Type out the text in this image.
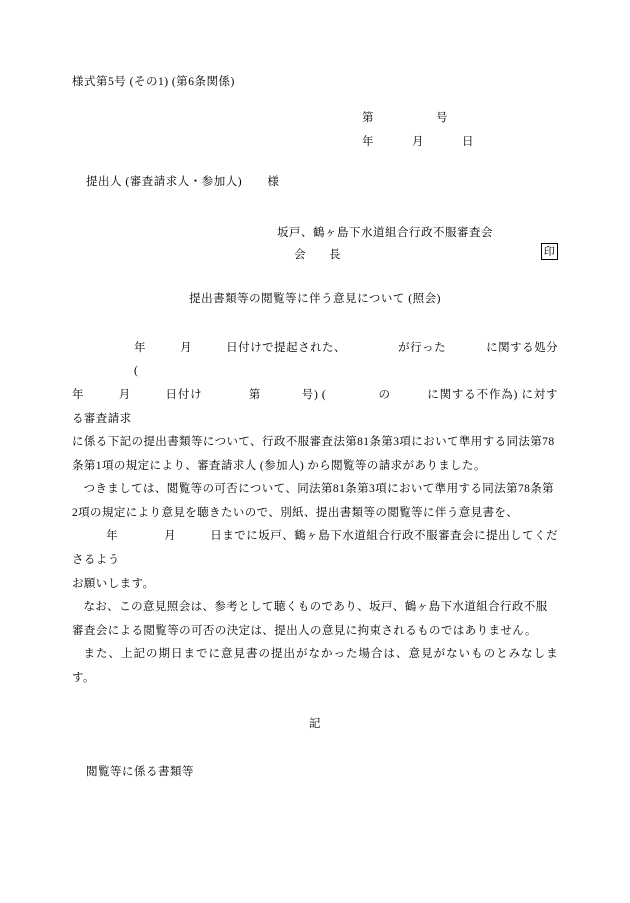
様式第5号 (その1) (第6条関係)
第	号
年	月	日
提出人 (審査請求人・参加人) 様
坂戸、鶴ヶ島下水道組合行政不服審査会
会　長	印
提出書類等の閲覧等に伴う意見について (照会)

年	月	日付けで提起された、	が行った	に関する処分 (

年	月	日付け	第	号) (	の	に関する不作為) に対する審査請求

に係る下記の提出書類等について、行政不服審査法第81条第3項において準用する同法第78

条第1項の規定により、審査請求人 (参加人) から閲覧等の請求がありました。

つきましては、閲覧等の可否について、同法第81条第3項において準用する同法第78条第

2項の規定により意見を聴きたいので、別紙、提出書類等の閲覧等に伴う意見書を、

年	月	日までに坂戸、鶴ヶ島下水道組合行政不服審査会に提出してくださるよう

お願いします。

なお、この意見照会は、参考として聴くものであり、坂戸、鶴ヶ島下水道組合行政不服

審査会による閲覧等の可否の決定は、提出人の意見に拘束されるものではありません。

また、上記の期日までに意見書の提出がなかった場合は、意見がないものとみなします。

記
閲覧等に係る書類等
